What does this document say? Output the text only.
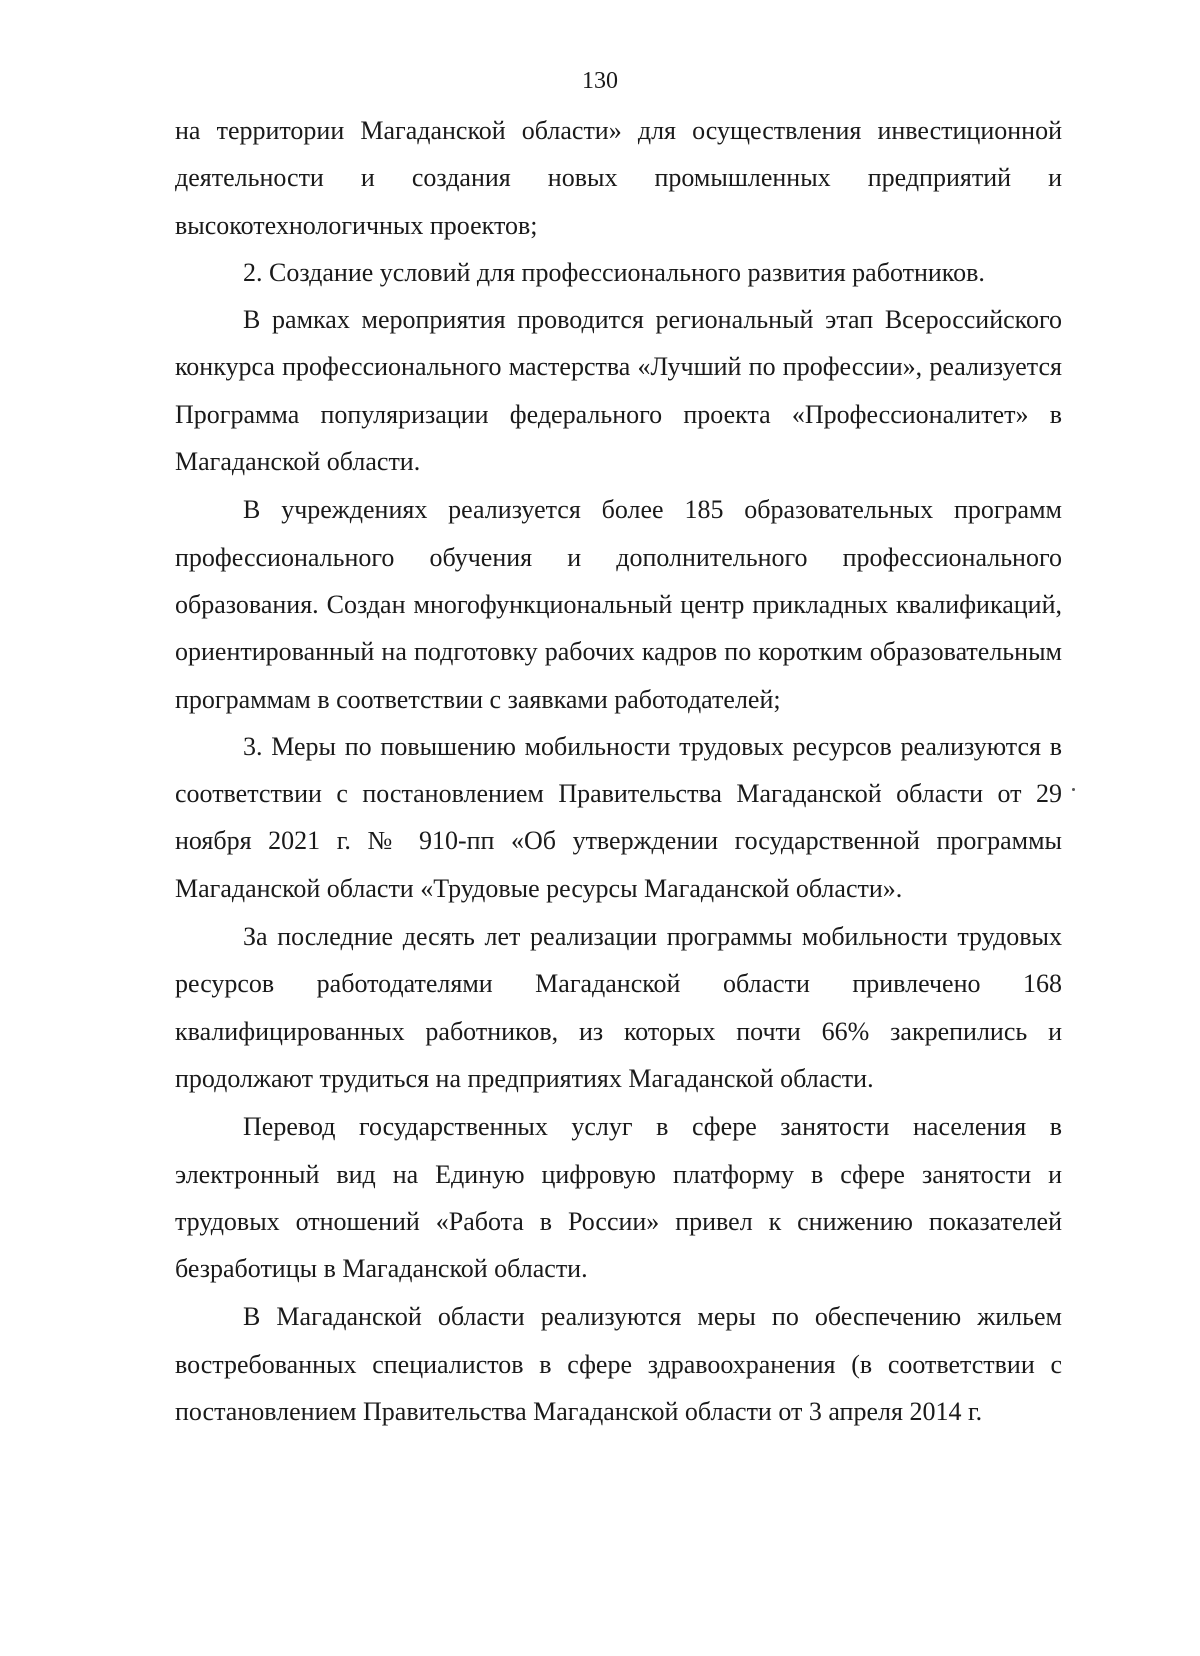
130

на территории Магаданской области» для осуществления инвестиционной деятельности и создания новых промышленных предприятий и высокотехнологичных проектов;

2. Создание условий для профессионального развития работников.

В рамках мероприятия проводится региональный этап Всероссийского конкурса профессионального мастерства «Лучший по профессии», реализуется Программа популяризации федерального проекта «Профессионалитет» в Магаданской области.

В учреждениях реализуется более 185 образовательных программ профессионального обучения и дополнительного профессионального образования. Создан многофункциональный центр прикладных квалификаций, ориентированный на подготовку рабочих кадров по коротким образовательным программам в соответствии с заявками работодателей;

3. Меры по повышению мобильности трудовых ресурсов реализуются в соответствии с постановлением Правительства Магаданской области от 29 ноября 2021 г. № 910-пп «Об утверждении государственной программы Магаданской области «Трудовые ресурсы Магаданской области».

За последние десять лет реализации программы мобильности трудовых ресурсов работодателями Магаданской области привлечено 168 квалифицированных работников, из которых почти 66% закрепились и продолжают трудиться на предприятиях Магаданской области.

Перевод государственных услуг в сфере занятости населения в электронный вид на Единую цифровую платформу в сфере занятости и трудовых отношений «Работа в России» привел к снижению показателей безработицы в Магаданской области.

В Магаданской области реализуются меры по обеспечению жильем востребованных специалистов в сфере здравоохранения (в соответствии с постановлением Правительства Магаданской области от 3 апреля 2014 г.
